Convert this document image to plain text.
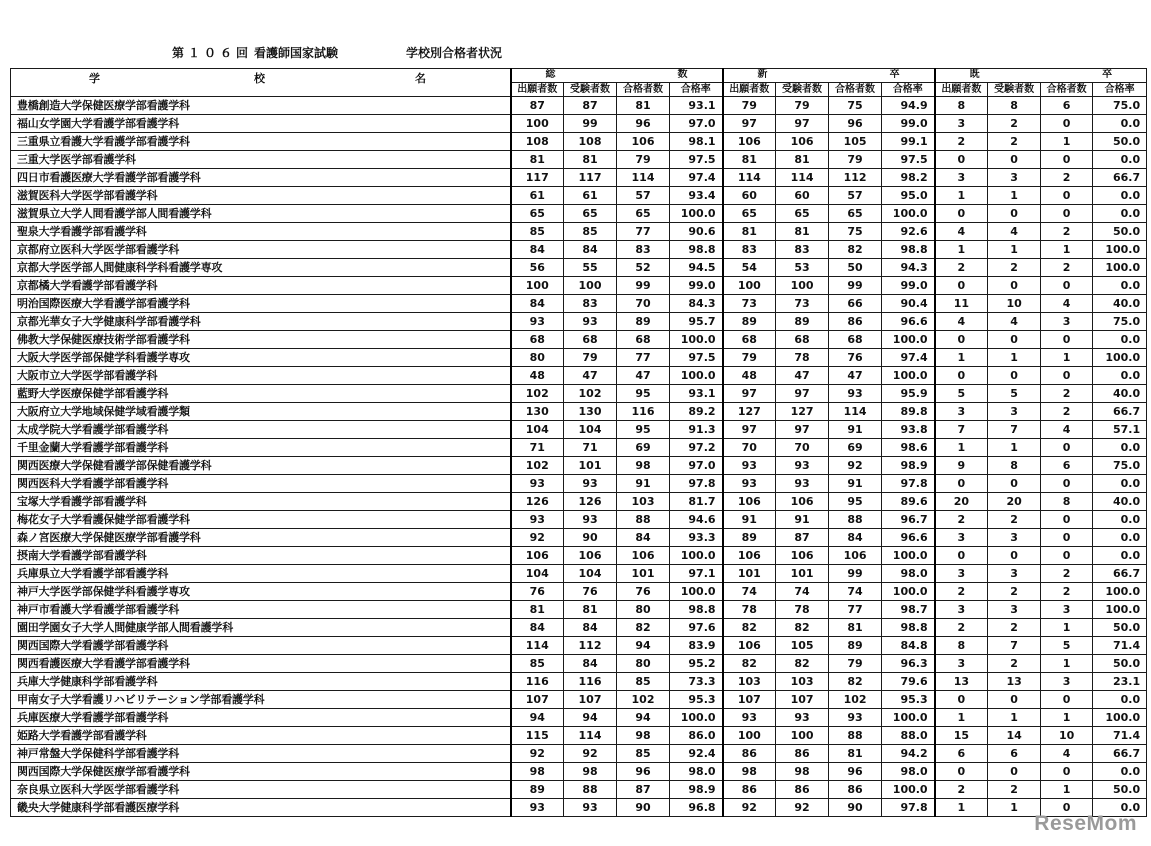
第１０６回 看護師国家試験	学校別合格者状況
学 校 名	総 数				新 卒				既 卒			

	出願者数	受験者数	合格者数	合格率	出願者数	受験者数	合格者数	合格率	出願者数	受験者数	合格者数	合格率
豊橋創造大学保健医療学部看護学科	87	87	81	93.1	79	79	75	94.9	8	8	6	75.0
福山女学園大学看護学部看護学科	100	99	96	97.0	97	97	96	99.0	3	2	0	0.0
三重県立看護大学看護学部看護学科	108	108	106	98.1	106	106	105	99.1	2	2	1	50.0
三重大学医学部看護学科	81	81	79	97.5	81	81	79	97.5	0	0	0	0.0
四日市看護医療大学看護学部看護学科	117	117	114	97.4	114	114	112	98.2	3	3	2	66.7
滋賀医科大学医学部看護学科	61	61	57	93.4	60	60	57	95.0	1	1	0	0.0
滋賀県立大学人間看護学部人間看護学科	65	65	65	100.0	65	65	65	100.0	0	0	0	0.0
聖泉大学看護学部看護学科	85	85	77	90.6	81	81	75	92.6	4	4	2	50.0
京都府立医科大学医学部看護学科	84	84	83	98.8	83	83	82	98.8	1	1	1	100.0
京都大学医学部人間健康科学科看護学専攻	56	55	52	94.5	54	53	50	94.3	2	2	2	100.0
京都橘大学看護学部看護学科	100	100	99	99.0	100	100	99	99.0	0	0	0	0.0
明治国際医療大学看護学部看護学科	84	83	70	84.3	73	73	66	90.4	11	10	4	40.0
京都光華女子大学健康科学部看護学科	93	93	89	95.7	89	89	86	96.6	4	4	3	75.0
佛教大学保健医療技術学部看護学科	68	68	68	100.0	68	68	68	100.0	0	0	0	0.0
大阪大学医学部保健学科看護学専攻	80	79	77	97.5	79	78	76	97.4	1	1	1	100.0
大阪市立大学医学部看護学科	48	47	47	100.0	48	47	47	100.0	0	0	0	0.0
藍野大学医療保健学部看護学科	102	102	95	93.1	97	97	93	95.9	5	5	2	40.0
大阪府立大学地域保健学域看護学類	130	130	116	89.2	127	127	114	89.8	3	3	2	66.7
太成学院大学看護学部看護学科	104	104	95	91.3	97	97	91	93.8	7	7	4	57.1
千里金蘭大学看護学部看護学科	71	71	69	97.2	70	70	69	98.6	1	1	0	0.0
関西医療大学保健看護学部保健看護学科	102	101	98	97.0	93	93	92	98.9	9	8	6	75.0
関西医科大学看護学部看護学科	93	93	91	97.8	93	93	91	97.8	0	0	0	0.0
宝塚大学看護学部看護学科	126	126	103	81.7	106	106	95	89.6	20	20	8	40.0
梅花女子大学看護保健学部看護学科	93	93	88	94.6	91	91	88	96.7	2	2	0	0.0
森ノ宮医療大学保健医療学部看護学科	92	90	84	93.3	89	87	84	96.6	3	3	0	0.0
摂南大学看護学部看護学科	106	106	106	100.0	106	106	106	100.0	0	0	0	0.0
兵庫県立大学看護学部看護学科	104	104	101	97.1	101	101	99	98.0	3	3	2	66.7
神戸大学医学部保健学科看護学専攻	76	76	76	100.0	74	74	74	100.0	2	2	2	100.0
神戸市看護大学看護学部看護学科	81	81	80	98.8	78	78	77	98.7	3	3	3	100.0
園田学園女子大学人間健康学部人間看護学科	84	84	82	97.6	82	82	81	98.8	2	2	1	50.0
関西国際大学看護学部看護学科	114	112	94	83.9	106	105	89	84.8	8	7	5	71.4
関西看護医療大学看護学部看護学科	85	84	80	95.2	82	82	79	96.3	3	2	1	50.0
兵庫大学健康科学部看護学科	116	116	85	73.3	103	103	82	79.6	13	13	3	23.1
甲南女子大学看護リハビリテーション学部看護学科	107	107	102	95.3	107	107	102	95.3	0	0	0	0.0
兵庫医療大学看護学部看護学科	94	94	94	100.0	93	93	93	100.0	1	1	1	100.0
姫路大学看護学部看護学科	115	114	98	86.0	100	100	88	88.0	15	14	10	71.4
神戸常盤大学保健科学部看護学科	92	92	85	92.4	86	86	81	94.2	6	6	4	66.7
関西国際大学保健医療学部看護学科	98	98	96	98.0	98	98	96	98.0	0	0	0	0.0
奈良県立医科大学医学部看護学科	89	88	87	98.9	86	86	86	100.0	2	2	1	50.0
畿央大学健康科学部看護医療学科	93	93	90	96.8	92	92	90	97.8	1	1	0	0.0
ReseMom
